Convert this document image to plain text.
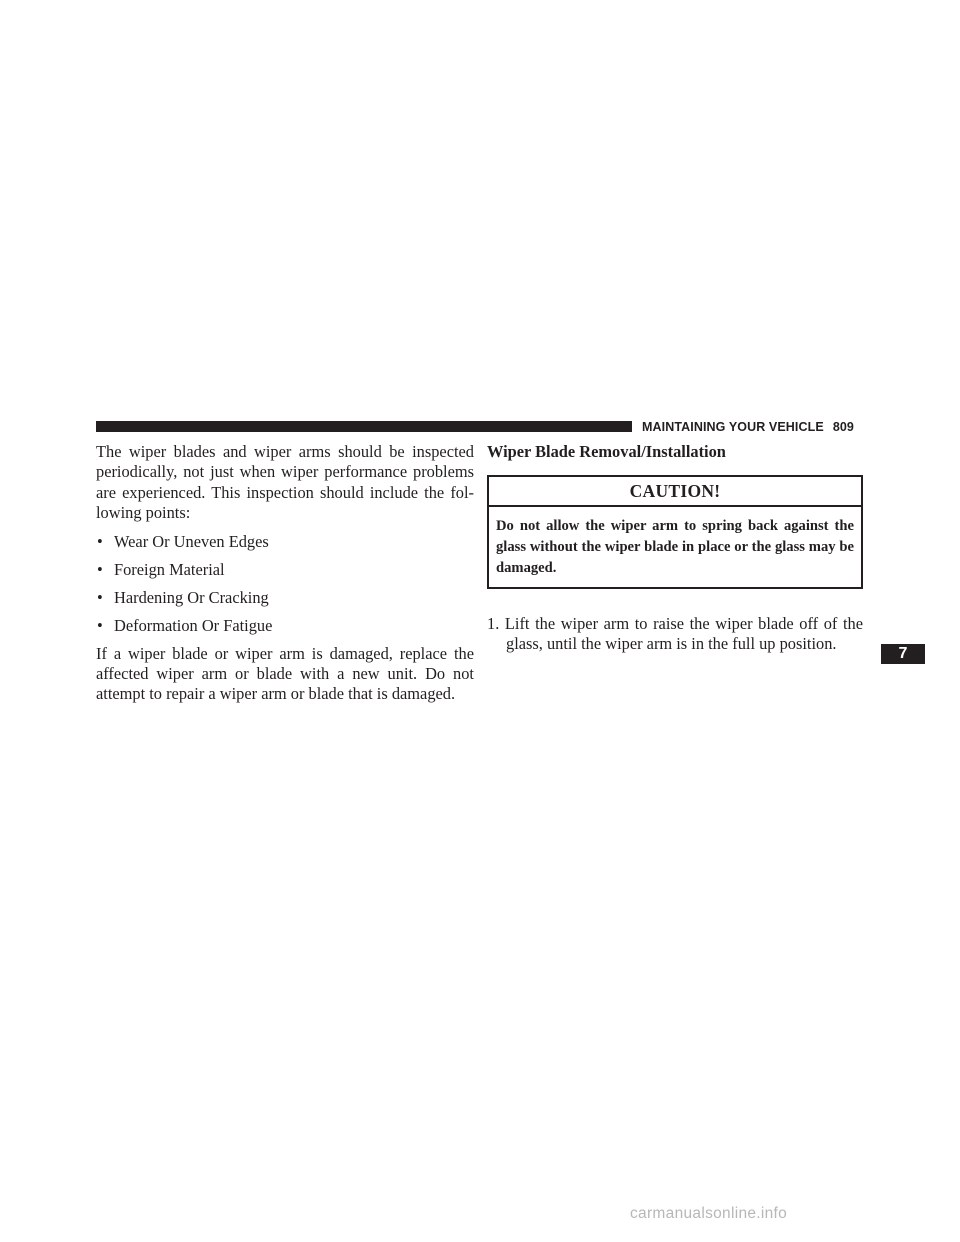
MAINTAINING YOUR VEHICLE 809

The wiper blades and wiper arms should be inspected periodically, not just when wiper performance problems are experienced. This inspection should include the fol-lowing points:

• Wear Or Uneven Edges
• Foreign Material
• Hardening Or Cracking
• Deformation Or Fatigue

If a wiper blade or wiper arm is damaged, replace the affected wiper arm or blade with a new unit. Do not attempt to repair a wiper arm or blade that is damaged.

Wiper Blade Removal/Installation
CAUTION!
Do not allow the wiper arm to spring back against the glass without the wiper blade in place or the glass may be damaged.

1. Lift the wiper arm to raise the wiper blade off of the glass, until the wiper arm is in the full up position.

7
carmanualsonline.info
